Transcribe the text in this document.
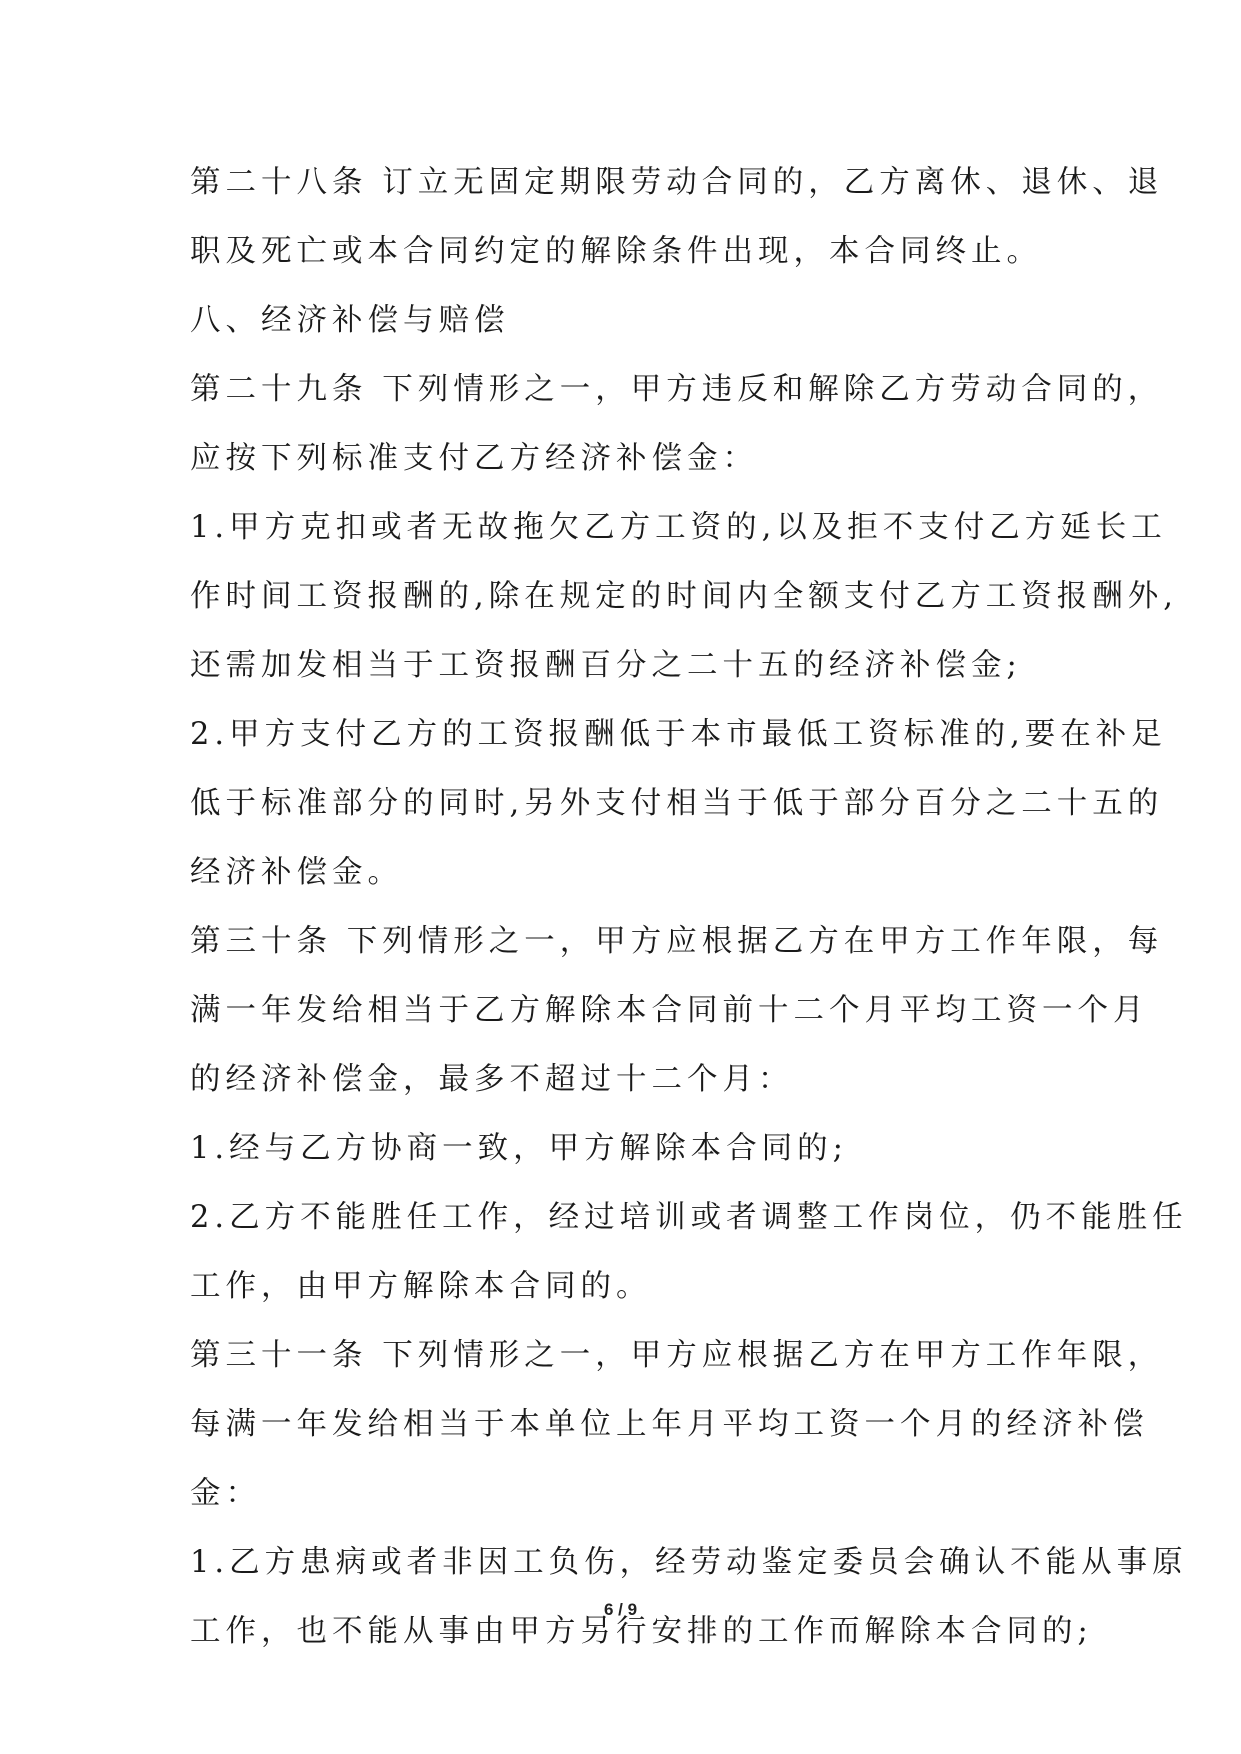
第二十八条 订立无固定期限劳动合同的，乙方离休、退休、退
职及死亡或本合同约定的解除条件出现，本合同终止。
八、经济补偿与赔偿
第二十九条 下列情形之一，甲方违反和解除乙方劳动合同的，
应按下列标准支付乙方经济补偿金：
1.甲方克扣或者无故拖欠乙方工资的,以及拒不支付乙方延长工
作时间工资报酬的,除在规定的时间内全额支付乙方工资报酬外,
还需加发相当于工资报酬百分之二十五的经济补偿金;
2.甲方支付乙方的工资报酬低于本市最低工资标准的,要在补足
低于标准部分的同时,另外支付相当于低于部分百分之二十五的
经济补偿金。
第三十条 下列情形之一，甲方应根据乙方在甲方工作年限，每
满一年发给相当于乙方解除本合同前十二个月平均工资一个月
的经济补偿金，最多不超过十二个月：
1.经与乙方协商一致，甲方解除本合同的;
2.乙方不能胜任工作，经过培训或者调整工作岗位，仍不能胜任
工作，由甲方解除本合同的。
第三十一条 下列情形之一，甲方应根据乙方在甲方工作年限，
每满一年发给相当于本单位上年月平均工资一个月的经济补偿
金：
1.乙方患病或者非因工负伤，经劳动鉴定委员会确认不能从事原
工作，也不能从事由甲方另行安排的工作而解除本合同的;
6 / 9
